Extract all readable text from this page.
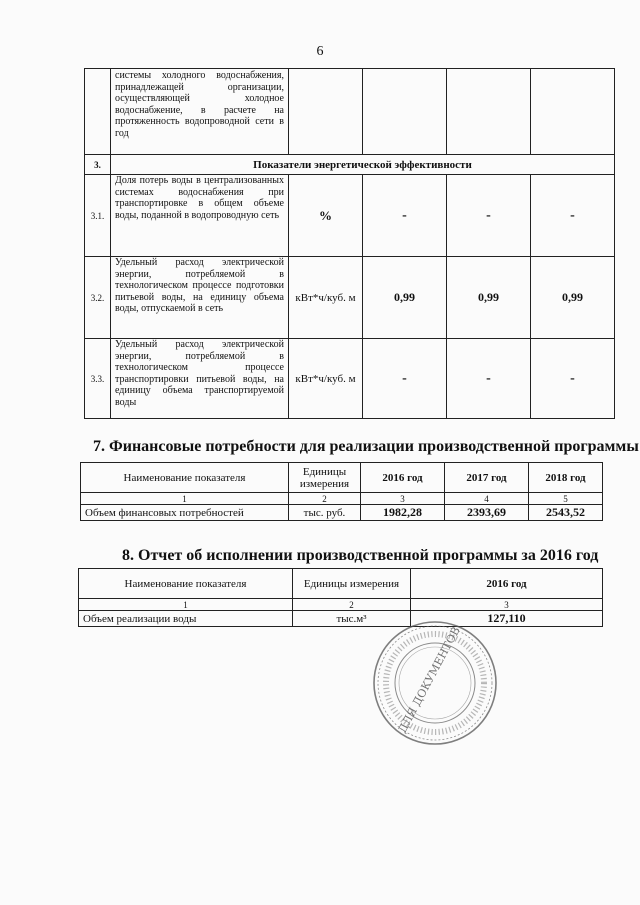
6
	системы холодного водоснабжения, принадлежащей организации, осуществляющей холодное водоснабжение, в расчете на протяженность водопроводной сети в год				
3.	Показатели энергетической эффективности				
3.1.	Доля потерь воды в централизованных системах водоснабжения при транспортировке в общем объеме воды, поданной в водопроводную сеть	%	-	-	-
3.2.	Удельный расход электрической энергии, потребляемой в технологическом процессе подготовки питьевой воды, на единицу объема воды, отпускаемой в сеть	кВт*ч/куб. м	0,99	0,99	0,99
3.3.	Удельный расход электрической энергии, потребляемой в технологическом процессе транспортировки питьевой воды, на единицу объема транспортируемой воды	кВт*ч/куб. м	-	-	-
7. Финансовые потребности для реализации производственной программы
Наименование показателя	Единицы измерения	2016 год	2017 год	2018 год
1	2	3	4	5
Объем финансовых потребностей	тыс. руб.	1982,28	2393,69	2543,52
8. Отчет об исполнении производственной программы за 2016 год
Наименование показателя	Единицы измерения	2016 год
1	2	3
Объем реализации воды	тыс.м³	127,110
ДЛЯ ДОКУМЕНТОВ
